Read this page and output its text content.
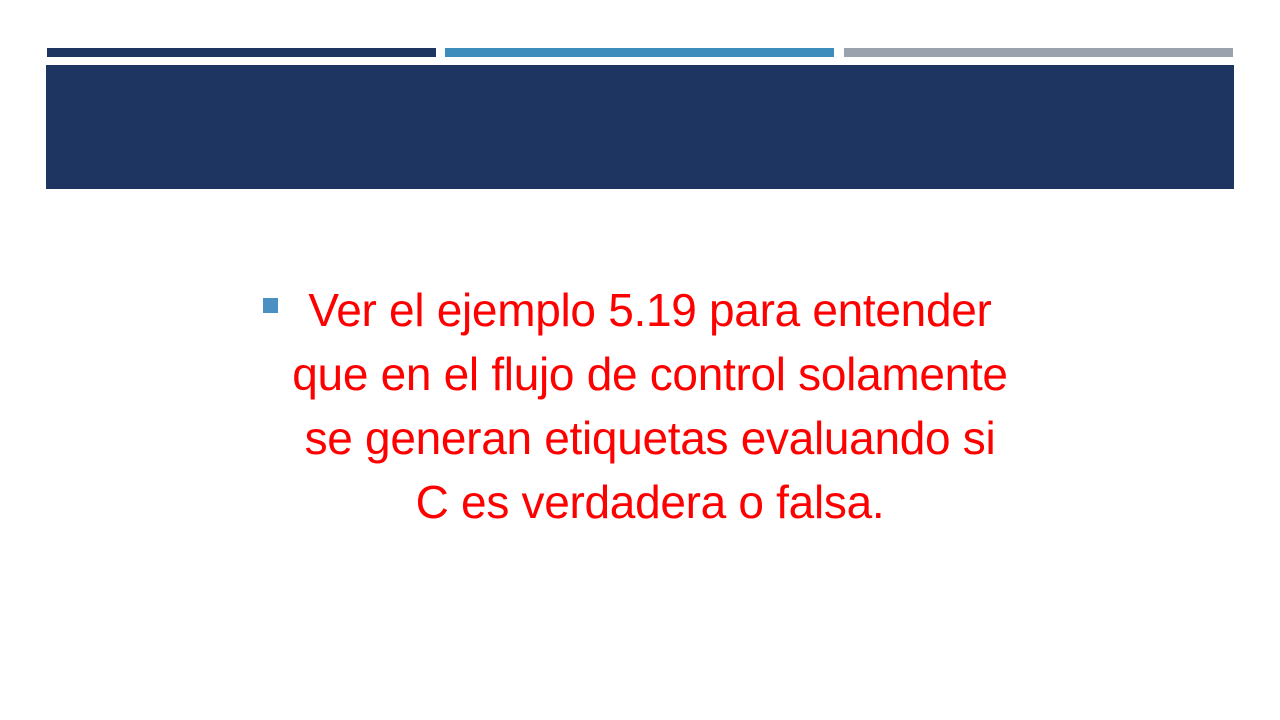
Ver el ejemplo 5.19 para entender que en el flujo de control solamente se generan etiquetas evaluando si C es verdadera o falsa.
